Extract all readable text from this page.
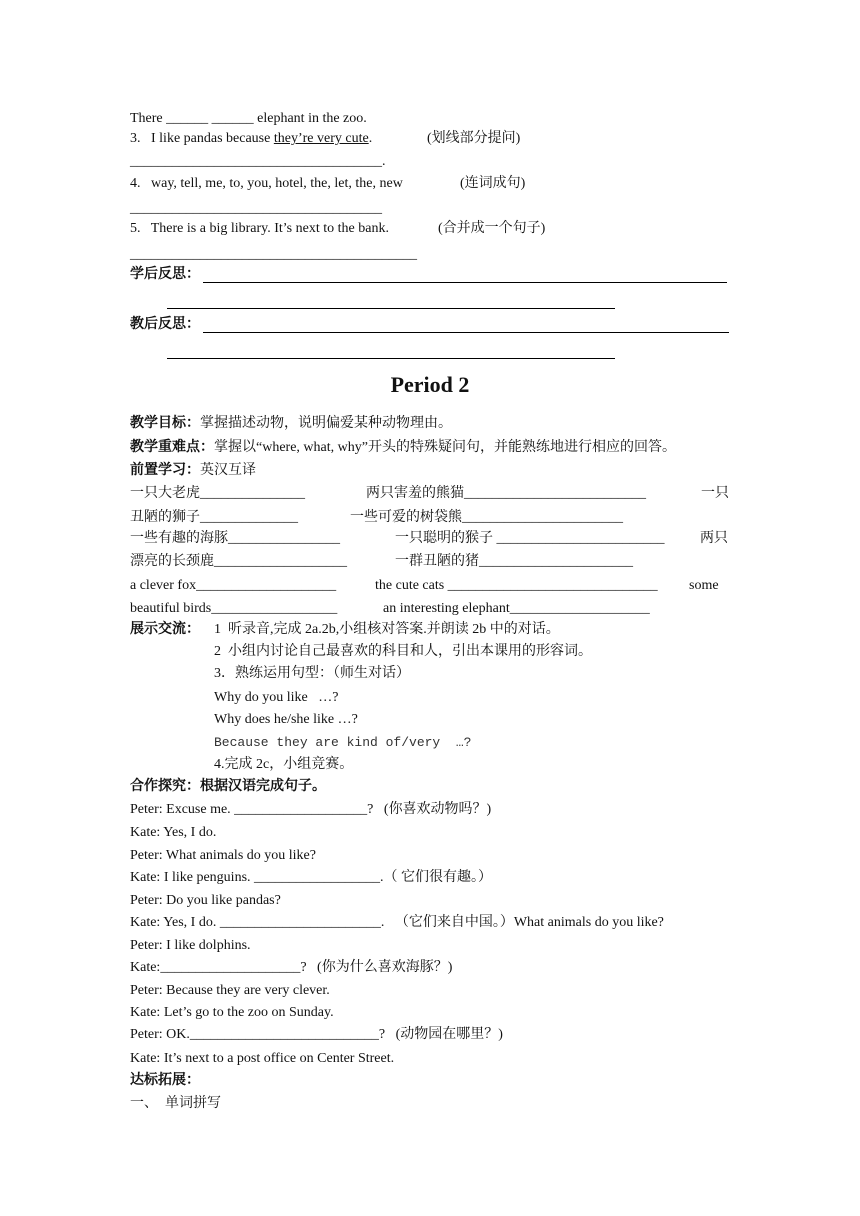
There ______ ______ elephant in the zoo.
3. I like pandas because they’re very cute.	(划线部分提问)
____________________________________.
4. way, tell, me, to, you, hotel, the, let, the, new	(连词成句)
____________________________________
5. There is a big library. It’s next to the bank.	(合并成一个句子)
_________________________________________
学后反思：
教后反思：
Period 2
教学目标：掌握描述动物，说明偏爱某种动物理由。
教学重难点：掌握以“where, what, why”开头的特殊疑问句，并能熟练地进行相应的回答。
前置学习：英汉互译
一只大老虎_______________	两只害羞的熊猫__________________________	一只
丑陋的狮子______________	一些可爱的树袋熊_______________________
一些有趣的海豚________________	一只聪明的猴子 ________________________	两只
漂亮的长颈鹿___________________	一群丑陋的猪______________________
a clever fox____________________	the cute cats ______________________________ some
beautiful birds__________________	an interesting elephant____________________
展示交流： 1  听录音,完成 2a.2b,小组核对答案.并朗读 2b 中的对话。
2  小组内讨论自己最喜欢的科目和人，引出本课用的形容词。
3．熟练运用句型：（师生对话）
Why do you like   …?
Why does he/she like …?
Because they are kind of/very  …?
4.完成 2c，小组竞赛。
合作探究：根据汉语完成句子。
Peter: Excuse me. ___________________?   (你喜欢动物吗？)
Kate: Yes, I do.
Peter: What animals do you like?
Kate: I like penguins. __________________.（ 它们很有趣。）
Peter: Do you like pandas?
Kate: Yes, I do. _______________________.   （它们来自中国。）What animals do you like?
Peter: I like dolphins.
Kate:____________________?   (你为什么喜欢海豚？)
Peter: Because they are very clever.
Kate: Let’s go to the zoo on Sunday.
Peter: OK.___________________________?   (动物园在哪里？)
Kate: It’s next to a post office on Center Street.
达标拓展：
一、  单词拼写
